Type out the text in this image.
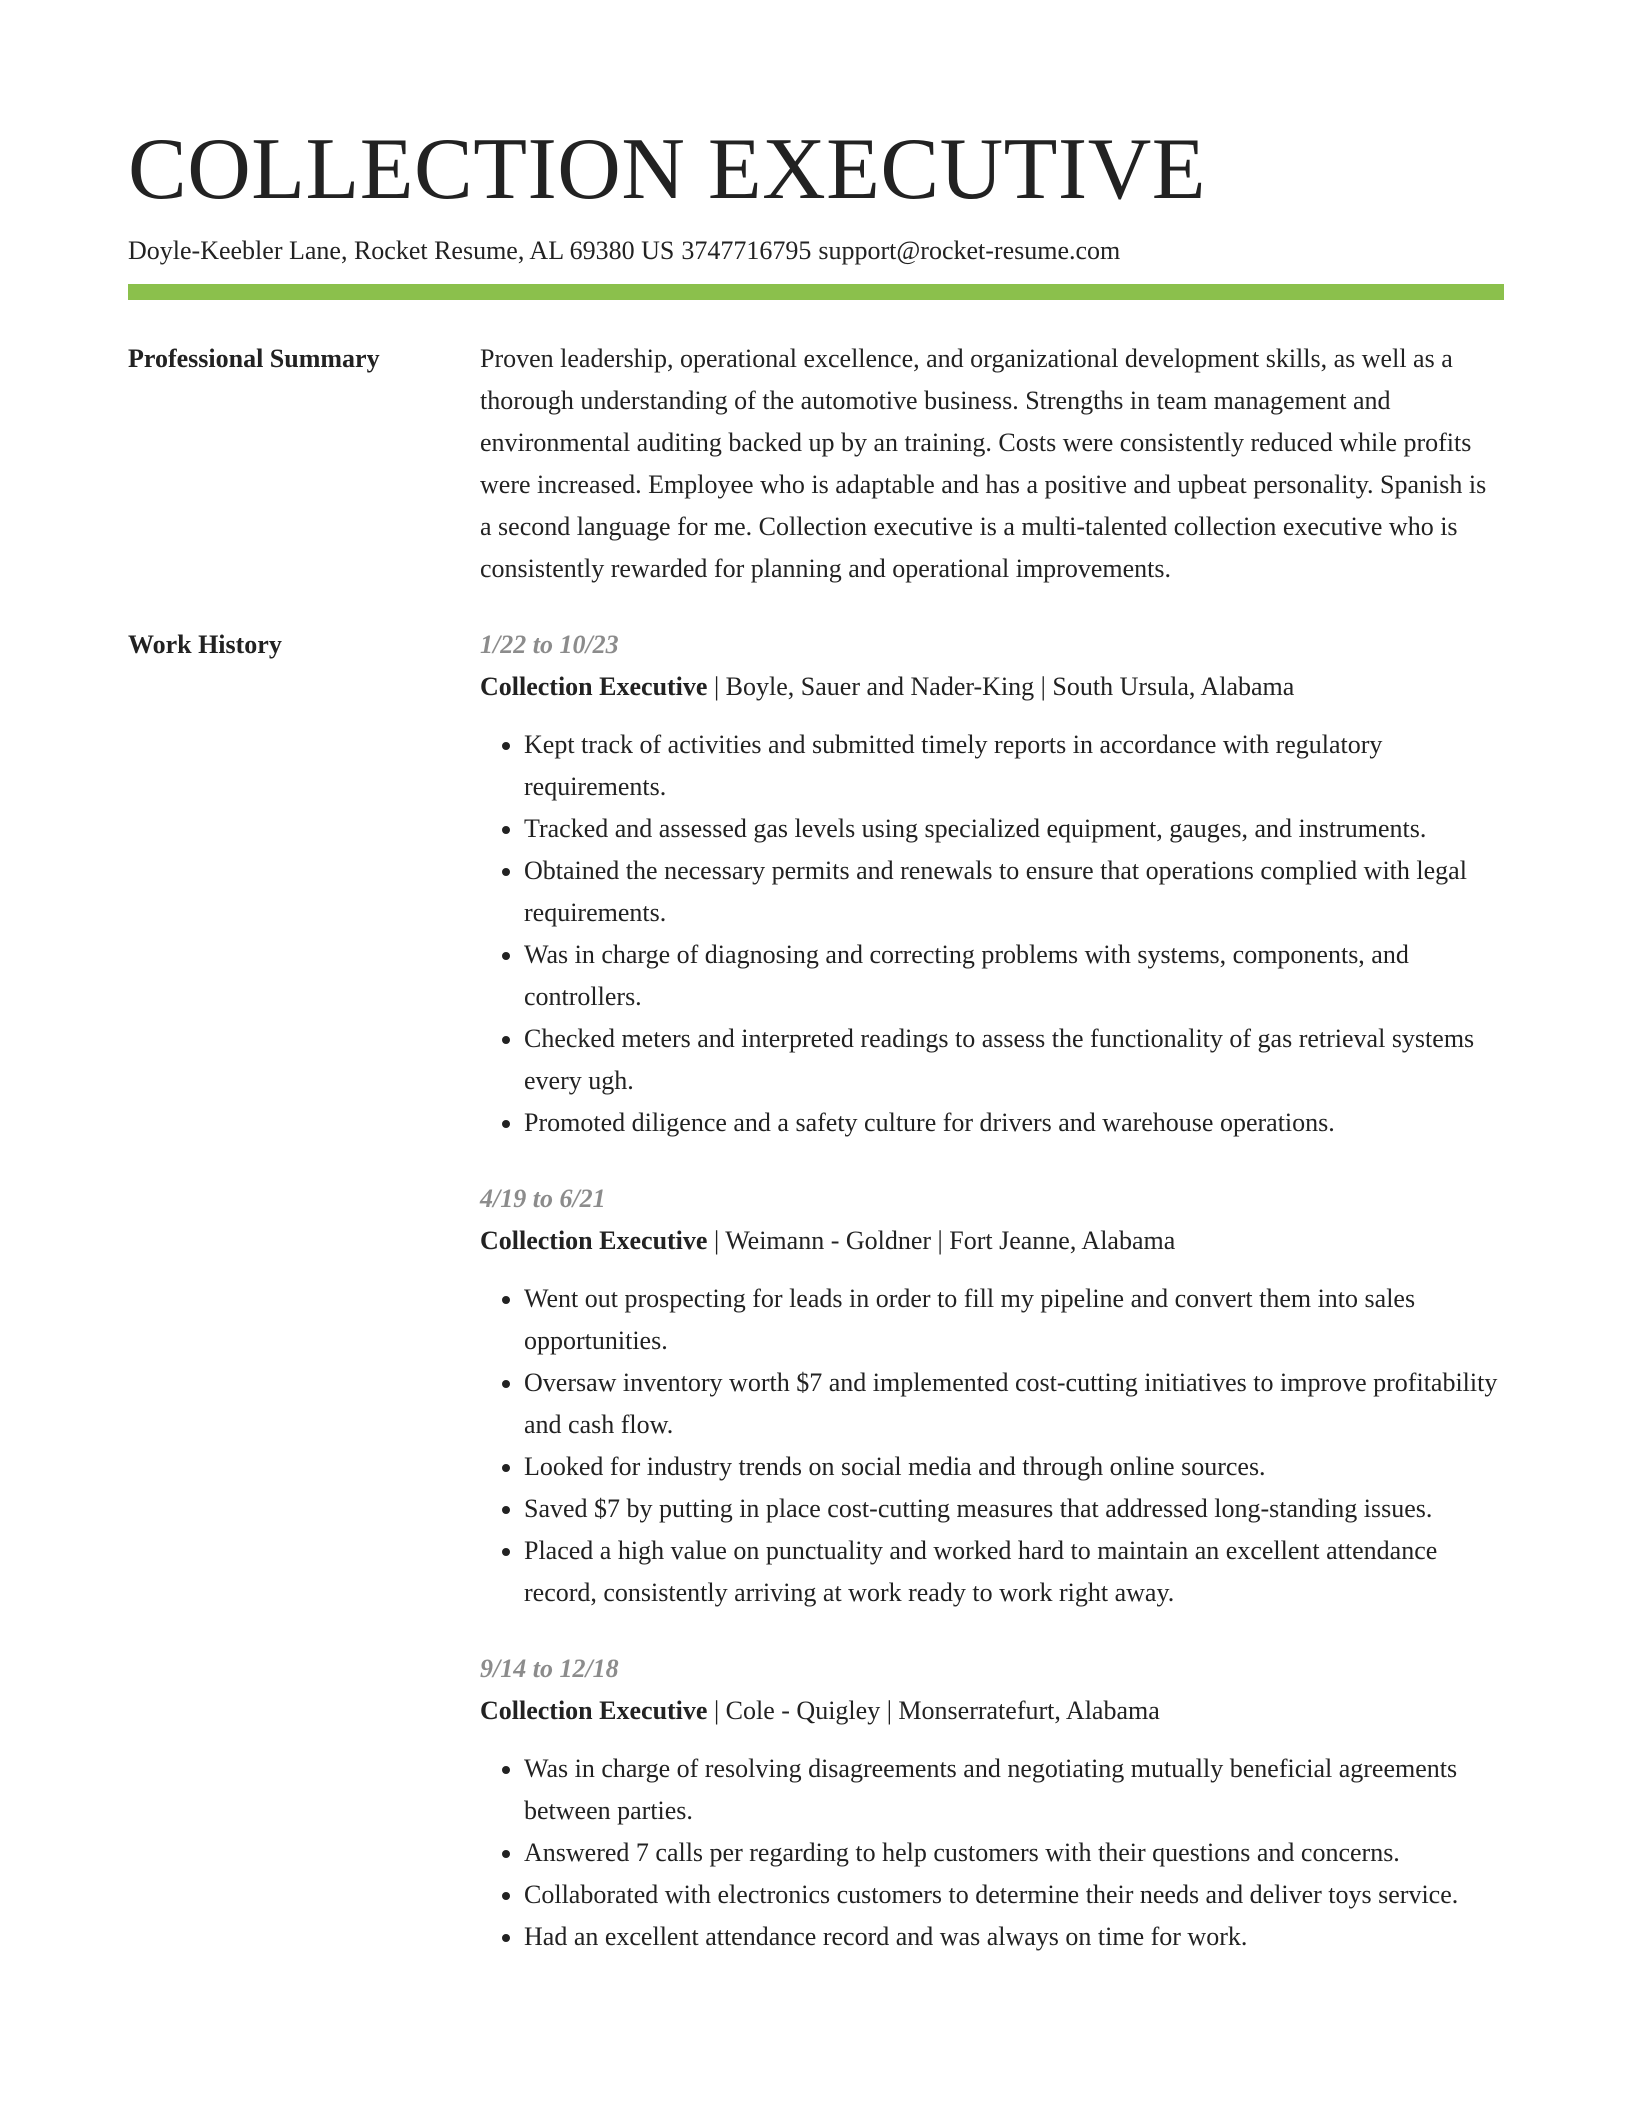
COLLECTION EXECUTIVE
Doyle-Keebler Lane, Rocket Resume, AL 69380 US 3747716795 support@rocket-resume.com
Professional Summary	Proven leadership, operational excellence, and organizational development skills, as well as a thorough understanding of the automotive business. Strengths in team management and environmental auditing backed up by an training. Costs were consistently reduced while profits were increased. Employee who is adaptable and has a positive and upbeat personality. Spanish is a second language for me. Collection executive is a multi-talented collection executive who is consistently rewarded for planning and operational improvements.

Work History	1/22 to 10/23
Collection Executive | Boyle, Sauer and Nader-King | South Ursula, Alabama
• Kept track of activities and submitted timely reports in accordance with regulatory requirements.
• Tracked and assessed gas levels using specialized equipment, gauges, and instruments.
• Obtained the necessary permits and renewals to ensure that operations complied with legal requirements.
• Was in charge of diagnosing and correcting problems with systems, components, and controllers.
• Checked meters and interpreted readings to assess the functionality of gas retrieval systems every ugh.
• Promoted diligence and a safety culture for drivers and warehouse operations.
4/19 to 6/21
Collection Executive | Weimann - Goldner | Fort Jeanne, Alabama
• Went out prospecting for leads in order to fill my pipeline and convert them into sales opportunities.
• Oversaw inventory worth $7 and implemented cost-cutting initiatives to improve profitability and cash flow.
• Looked for industry trends on social media and through online sources.
• Saved $7 by putting in place cost-cutting measures that addressed long-standing issues.
• Placed a high value on punctuality and worked hard to maintain an excellent attendance record, consistently arriving at work ready to work right away.
9/14 to 12/18
Collection Executive | Cole - Quigley | Monserratefurt, Alabama
• Was in charge of resolving disagreements and negotiating mutually beneficial agreements between parties.
• Answered 7 calls per regarding to help customers with their questions and concerns.
• Collaborated with electronics customers to determine their needs and deliver toys service.
• Had an excellent attendance record and was always on time for work.
